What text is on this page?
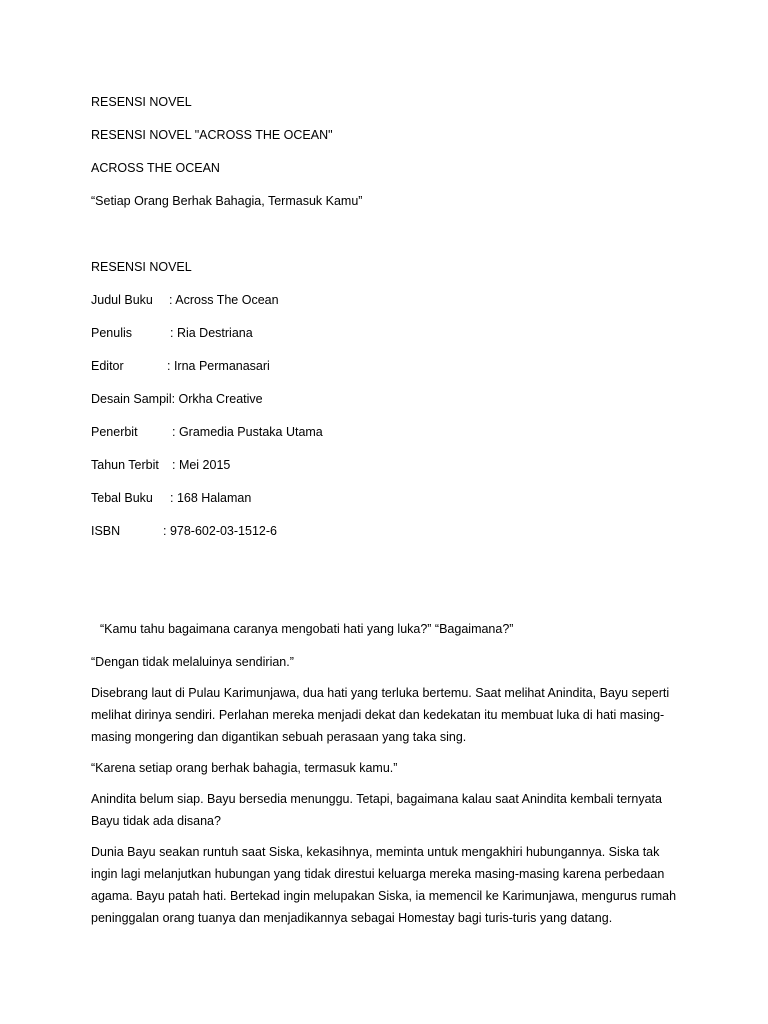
RESENSI NOVEL
RESENSI NOVEL "ACROSS THE OCEAN"
ACROSS THE OCEAN
“Setiap Orang Berhak Bahagia, Termasuk Kamu”
RESENSI NOVEL
Judul Buku : Across The Ocean
Penulis	: Ria Destriana
Editor	: Irna Permanasari
Desain Sampil: Orkha Creative
Penerbit	: Gramedia Pustaka Utama
Tahun Terbit : Mei 2015
Tebal Buku : 168 Halaman
ISBN	: 978-602-03-1512-6
“Kamu tahu bagaimana caranya mengobati hati yang luka?” “Bagaimana?”
“Dengan tidak melaluinya sendirian.”
Disebrang laut di Pulau Karimunjawa, dua hati yang terluka bertemu. Saat melihat Anindita, Bayu seperti melihat dirinya sendiri. Perlahan mereka menjadi dekat dan kedekatan itu membuat luka di hati masing-masing mongering dan digantikan sebuah perasaan yang taka sing.
“Karena setiap orang berhak bahagia, termasuk kamu.”
Anindita belum siap. Bayu bersedia menunggu. Tetapi, bagaimana kalau saat Anindita kembali ternyata Bayu tidak ada disana?
Dunia Bayu seakan runtuh saat Siska, kekasihnya, meminta untuk mengakhiri hubungannya. Siska tak ingin lagi melanjutkan hubungan yang tidak direstui keluarga mereka masing-masing karena perbedaan agama. Bayu patah hati. Bertekad ingin melupakan Siska, ia memencil ke Karimunjawa, mengurus rumah peninggalan orang tuanya dan menjadikannya sebagai Homestay bagi turis-turis yang datang.
